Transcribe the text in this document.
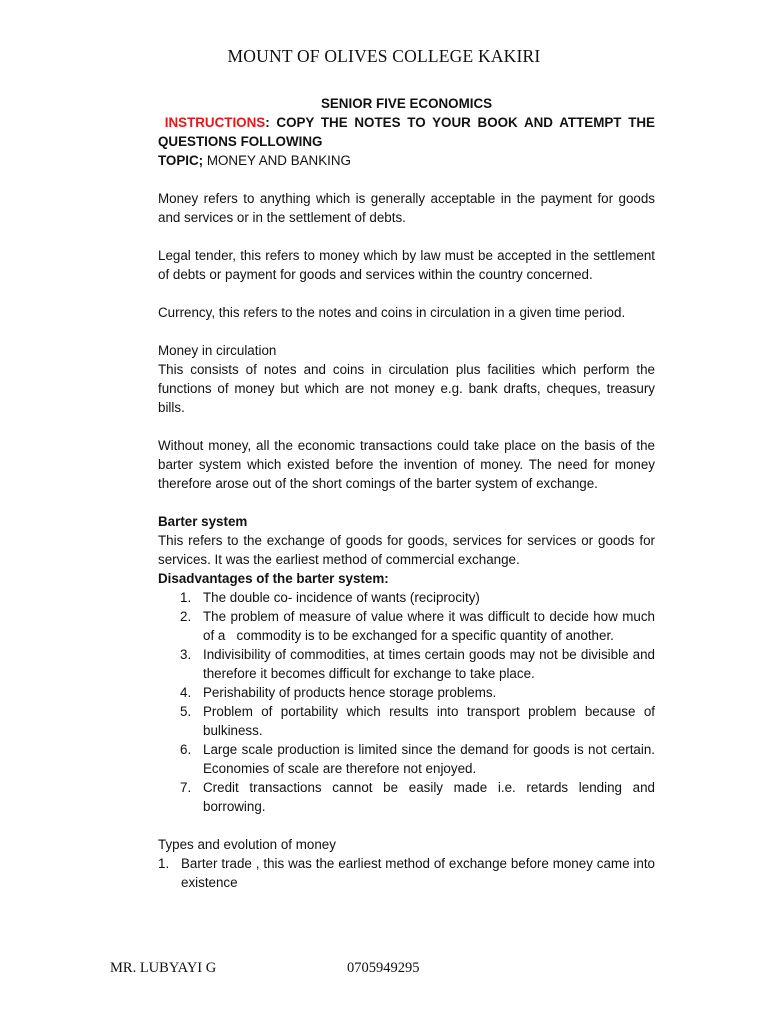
MOUNT OF OLIVES COLLEGE KAKIRI

SENIOR FIVE ECONOMICS

INSTRUCTIONS: COPY THE NOTES TO YOUR BOOK AND ATTEMPT THE QUESTIONS FOLLOWING

TOPIC; MONEY AND BANKING

Money refers to anything which is generally acceptable in the payment for goods and services or in the settlement of debts.

Legal tender, this refers to money which by law must be accepted in the settlement of debts or payment for goods and services within the country concerned.

Currency, this refers to the notes and coins in circulation in a given time period.

Money in circulation

This consists of notes and coins in circulation plus facilities which perform the functions of money but which are not money e.g. bank drafts, cheques, treasury bills.

Without money, all the economic transactions could take place on the basis of the barter system which existed before the invention of money. The need for money therefore arose out of the short comings of the barter system of exchange.

Barter system

This refers to the exchange of goods for goods, services for services or goods for services. It was the earliest method of commercial exchange.

Disadvantages of the barter system:

1. The double co- incidence of wants (reciprocity)
2. The problem of measure of value where it was difficult to decide how much of a   commodity is to be exchanged for a specific quantity of another.
3. Indivisibility of commodities, at times certain goods may not be divisible and therefore it becomes difficult for exchange to take place.
4. Perishability of products hence storage problems.
5. Problem of portability which results into transport problem because of bulkiness.
6. Large scale production is limited since the demand for goods is not certain. Economies of scale are therefore not enjoyed.
7. Credit transactions cannot be easily made i.e. retards lending and borrowing.

Types and evolution of money

1. Barter trade , this was the earliest method of exchange before money came into existence
MR. LUBYAYI G	0705949295
